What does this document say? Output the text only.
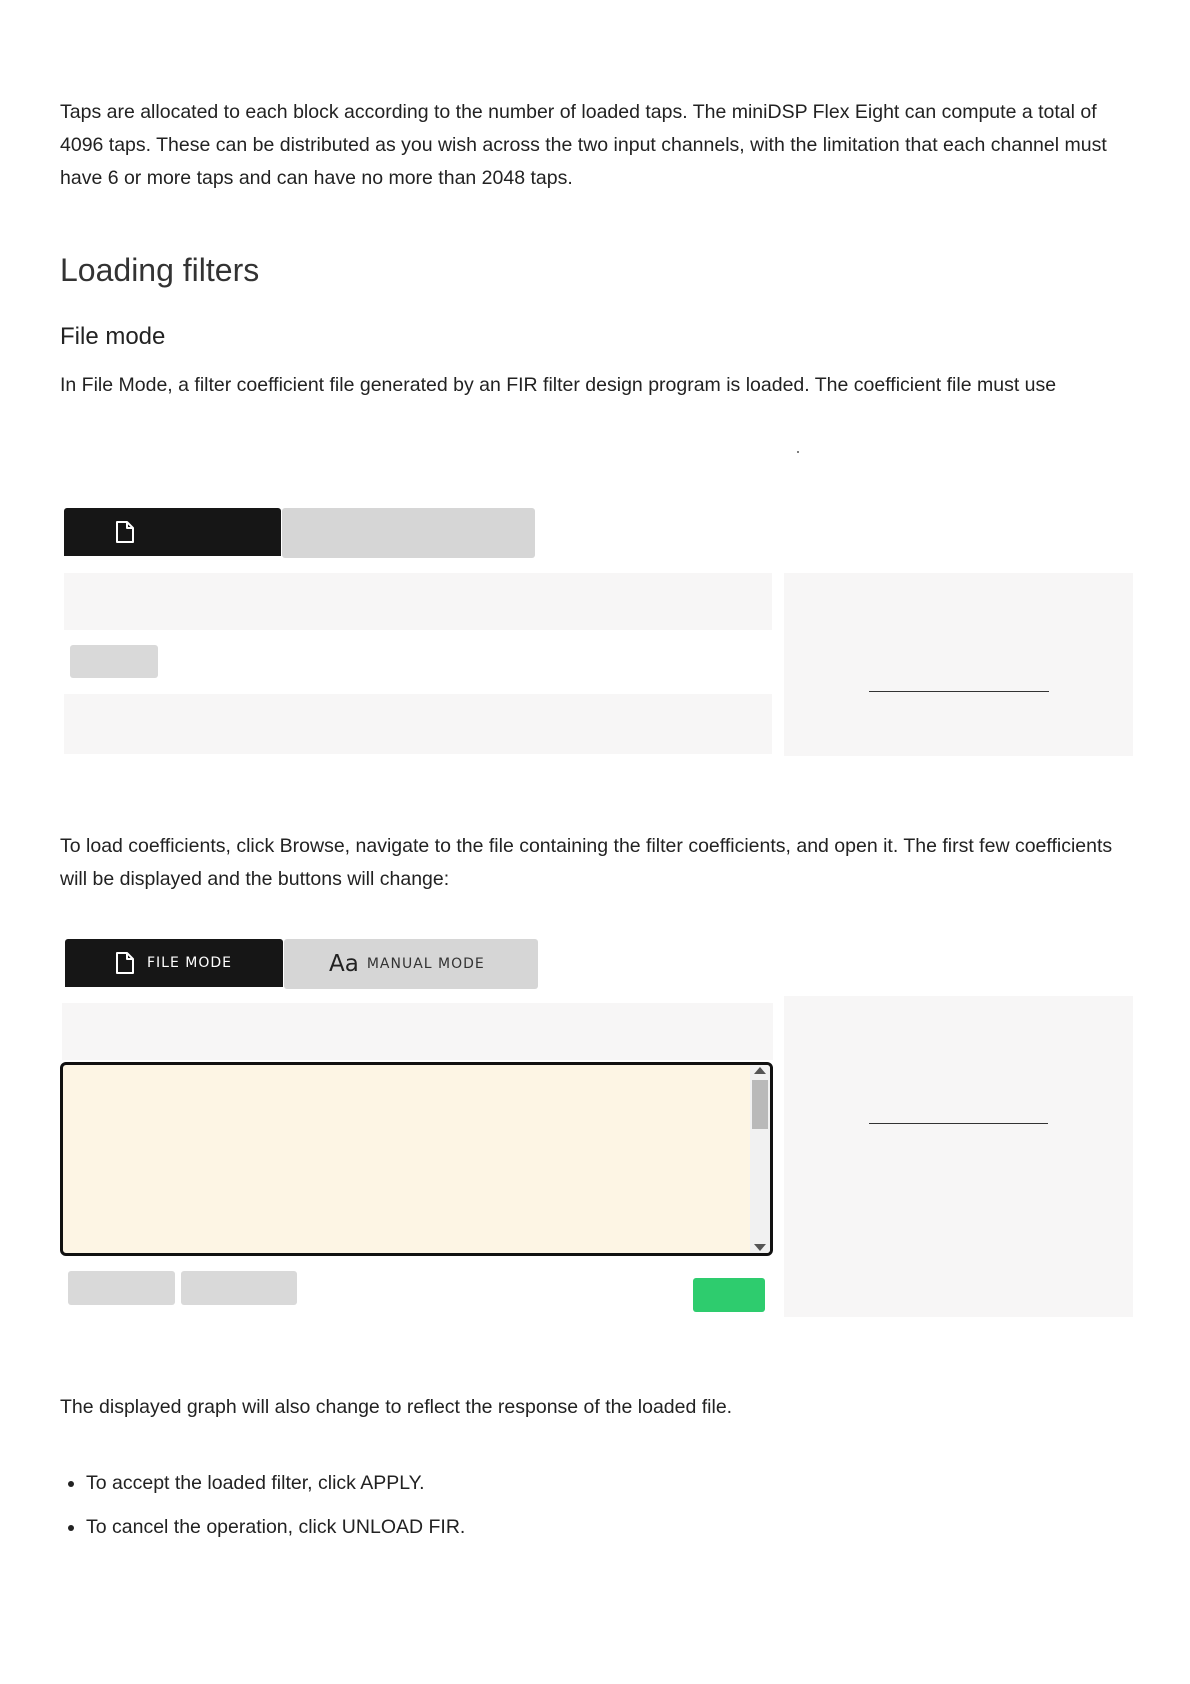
Taps are allocated to each block according to the number of loaded taps. The miniDSP Flex Eight can compute a total of 4096 taps. These can be distributed as you wish across the two input channels, with the limitation that each channel must have 6 or more taps and can have no more than 2048 taps.

Loading filters
File mode

In File Mode, a filter coefficient file generated by an FIR filter design program is loaded. The coefficient file must use

To load coefficients, click Browse, navigate to the file containing the filter coefficients, and open it. The first few coefficients will be displayed and the buttons will change:

FILE MODE	Aa MANUAL MODE

The displayed graph will also change to reflect the response of the loaded file.

• To accept the loaded filter, click APPLY.
• To cancel the operation, click UNLOAD FIR.
